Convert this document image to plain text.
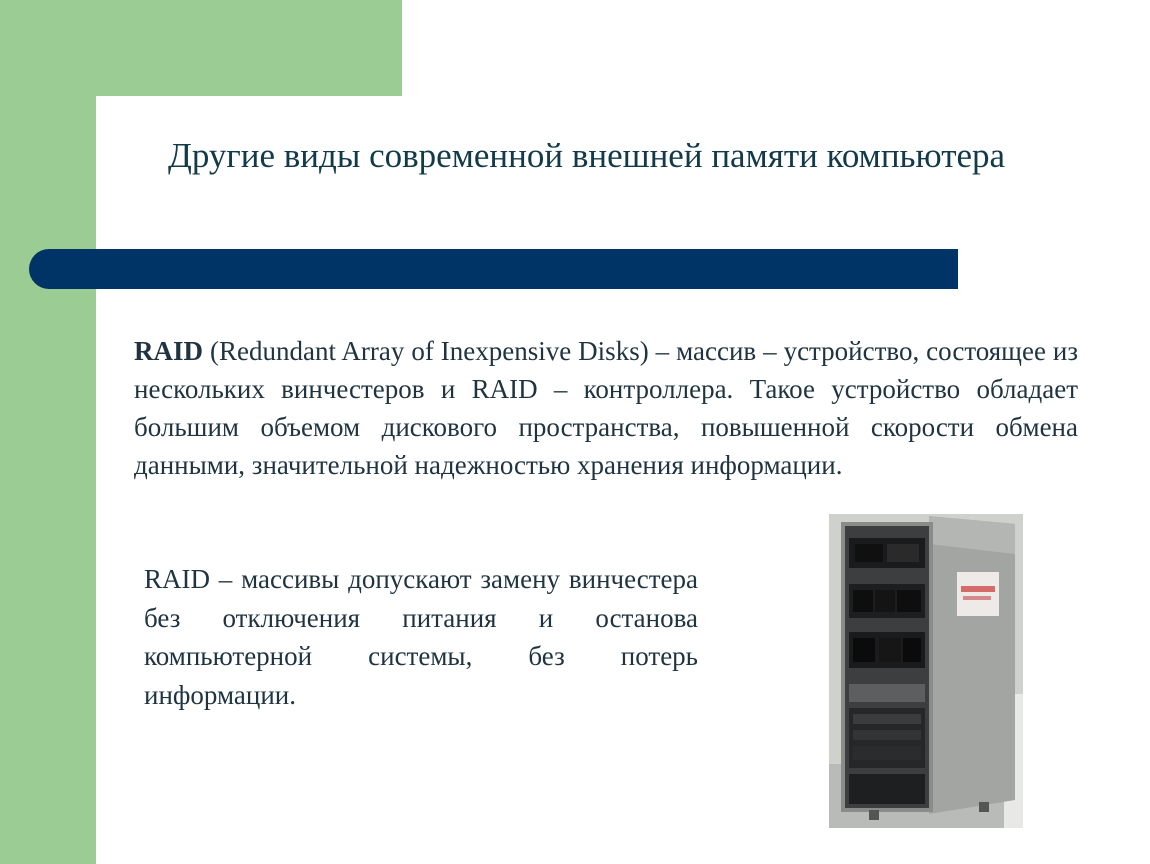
Другие виды современной внешней памяти компьютера
RAID (Redundant Array of Inexpensive Disks) – массив – устройство, состоящее из нескольких винчестеров и RAID – контроллера. Такое устройство обладает большим объемом дискового пространства, повышенной скорости обмена данными, значительной надежностью хранения информации.
RAID – массивы допускают замену винчестера без отключения питания и останова компьютерной системы, без потерь информации.
